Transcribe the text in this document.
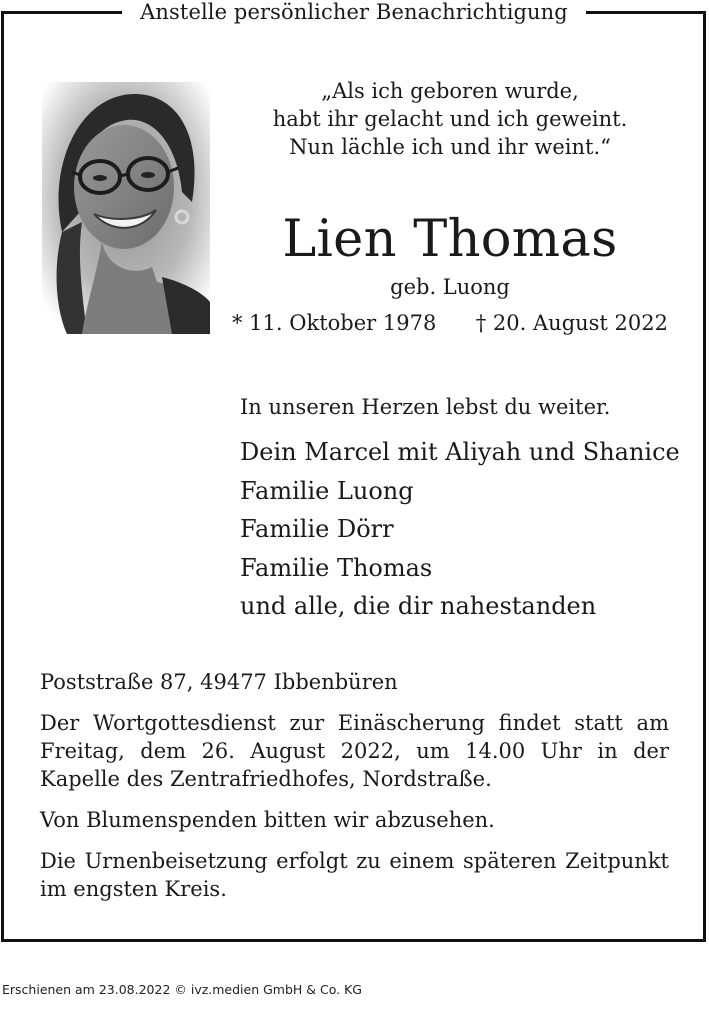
Anstelle persönlicher Benachrichtigung
„Als ich geboren wurde,
habt ihr gelacht und ich geweint.
Nun lächle ich und ihr weint.“
Lien Thomas
geb. Luong
* 11. Oktober 1978 † 20. August 2022
In unseren Herzen lebst du weiter.
Dein Marcel mit Aliyah und Shanice
Familie Luong
Familie Dörr
Familie Thomas
und alle, die dir nahestanden

Poststraße 87, 49477 Ibbenbüren

Der Wortgottesdienst zur Einäscherung findet statt am Freitag, dem 26. August 2022, um 14.00 Uhr in der Kapelle des Zentrafriedhofes, Nordstraße.

Von Blumenspenden bitten wir abzusehen.

Die Urnenbeisetzung erfolgt zu einem späteren Zeitpunkt im engsten Kreis.

Erschienen am 23.08.2022 © ivz.medien GmbH & Co. KG
